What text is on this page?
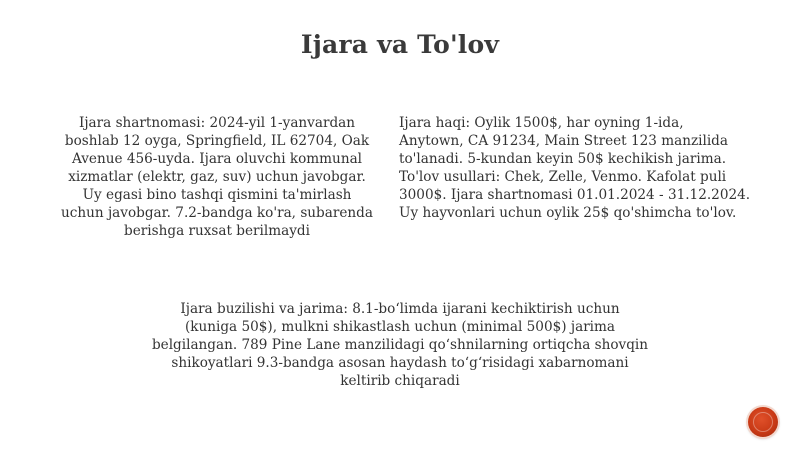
Ijara va To'lov
Ijara shartnomasi: 2024-yil 1-yanvardan
boshlab 12 oyga, Springfield, IL 62704, Oak
Avenue 456-uyda. Ijara oluvchi kommunal
xizmatlar (elektr, gaz, suv) uchun javobgar.
Uy egasi bino tashqi qismini ta'mirlash
uchun javobgar. 7.2-bandga ko'ra, subarenda
berishga ruxsat berilmaydi
Ijara haqi: Oylik 1500$, har oyning 1-ida,
Anytown, CA 91234, Main Street 123 manzilida
to'lanadi. 5-kundan keyin 50$ kechikish jarima.
To'lov usullari: Chek, Zelle, Venmo. Kafolat puli
3000$. Ijara shartnomasi 01.01.2024 - 31.12.2024.
Uy hayvonlari uchun oylik 25$ qo'shimcha to'lov.
Ijara buzilishi va jarima: 8.1-bo‘limda ijarani kechiktirish uchun
(kuniga 50$), mulkni shikastlash uchun (minimal 500$) jarima
belgilangan. 789 Pine Lane manzilidagi qo‘shnilarning ortiqcha shovqin
shikoyatlari 9.3-bandga asosan haydash to‘g‘risidagi xabarnomani
keltirib chiqaradi
